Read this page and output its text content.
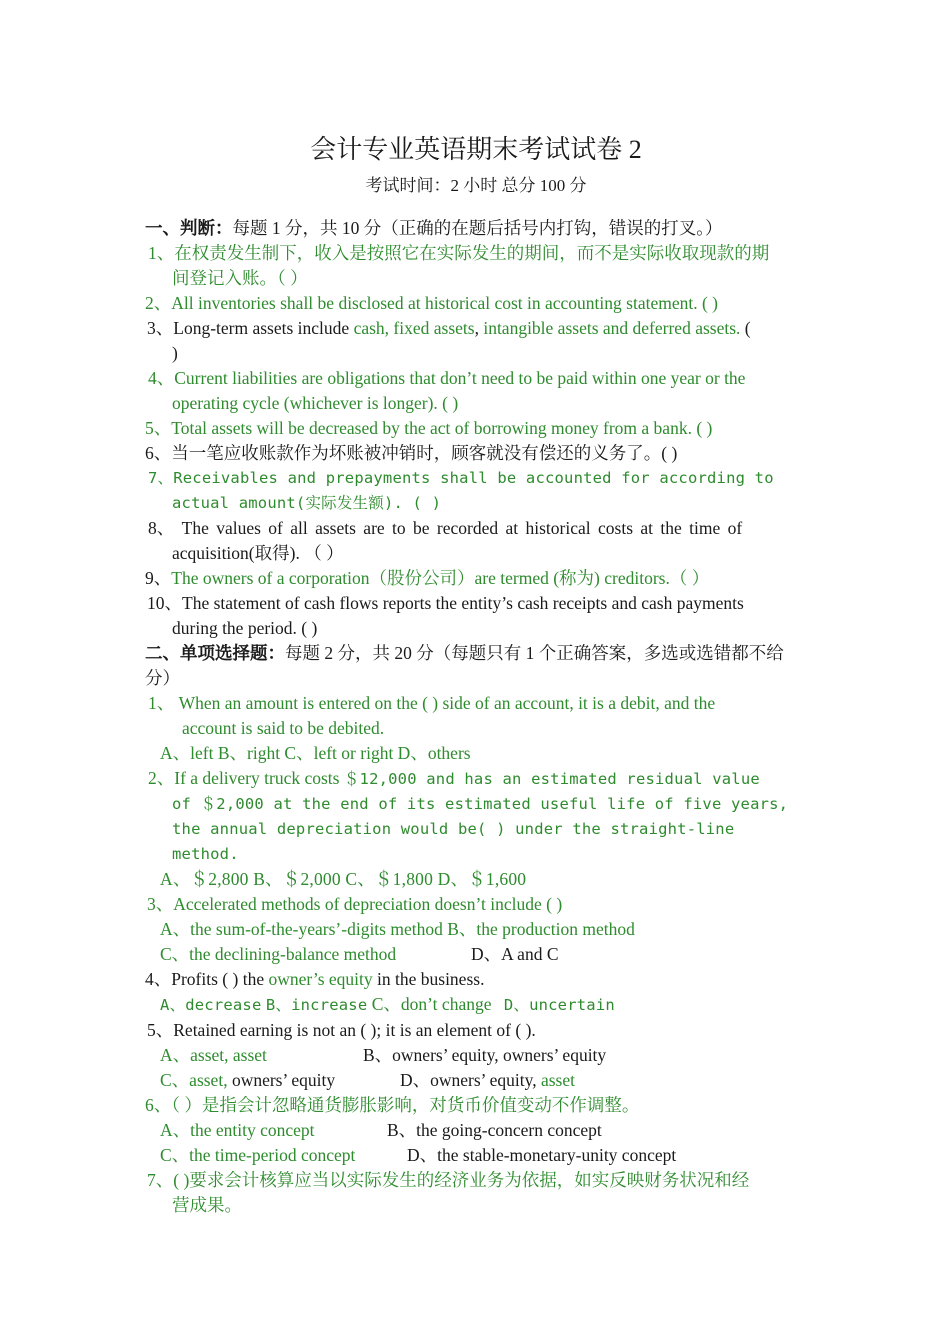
会计专业英语期末考试试卷 2
考试时间：2 小时 总分 100 分
一、判断：每题 1 分，共 10 分（正确的在题后括号内打钩，错误的打叉。）
1、在权责发生制下，收入是按照它在实际发生的期间，而不是实际收取现款的期
间登记入账。（ ）
2、All inventories shall be disclosed at historical cost in accounting statement. ( )
3、Long-term assets include cash, fixed assets, intangible assets and deferred assets. (
)
4、Current liabilities are obligations that don’t need to be paid within one year or the
operating cycle (whichever is longer). ( )
5、Total assets will be decreased by the act of borrowing money from a bank. ( )
6、当一笔应收账款作为坏账被冲销时，顾客就没有偿还的义务了。( )
7、Receivables and prepayments shall be accounted for according to
actual amount(实际发生额). ( )
8、 The values of all assets are to be recorded at historical costs at the time of
acquisition(取得). （ ）
9、The owners of a corporation（股份公司）are termed (称为) creditors.（ ）
10、The statement of cash flows reports the entity’s cash receipts and cash payments
during the period. ( )
二、单项选择题：每题 2 分，共 20 分（每题只有 1 个正确答案，多选或选错都不给
分）
1、 When an amount is entered on the ( ) side of an account, it is a debit, and the
account is said to be debited.
A、left B、right C、left or right D、others
2、If a delivery truck costs ＄12,000 and has an estimated residual value
of ＄2,000 at the end of its estimated useful life of five years,
the annual depreciation would be( ) under the straight-line
method.
A、＄2,800 B、＄2,000 C、＄1,800 D、＄1,600
3、Accelerated methods of depreciation doesn’t include ( )
A、the sum-of-the-years’-digits method B、the production method
C、the declining-balance method	D、A and C
4、Profits ( ) the owner’s equity in the business.
A、decrease B、increase C、don’t change D、uncertain
5、Retained earning is not an ( ); it is an element of ( ).
A、asset, asset	B、owners’ equity, owners’ equity
C、asset, owners’ equity	D、owners’ equity, asset
6、（ ）是指会计忽略通货膨胀影响，对货币价值变动不作调整。
A、the entity concept	B、the going-concern concept
C、the time-period concept	D、the stable-monetary-unity concept
7、( )要求会计核算应当以实际发生的经济业务为依据，如实反映财务状况和经
营成果。
